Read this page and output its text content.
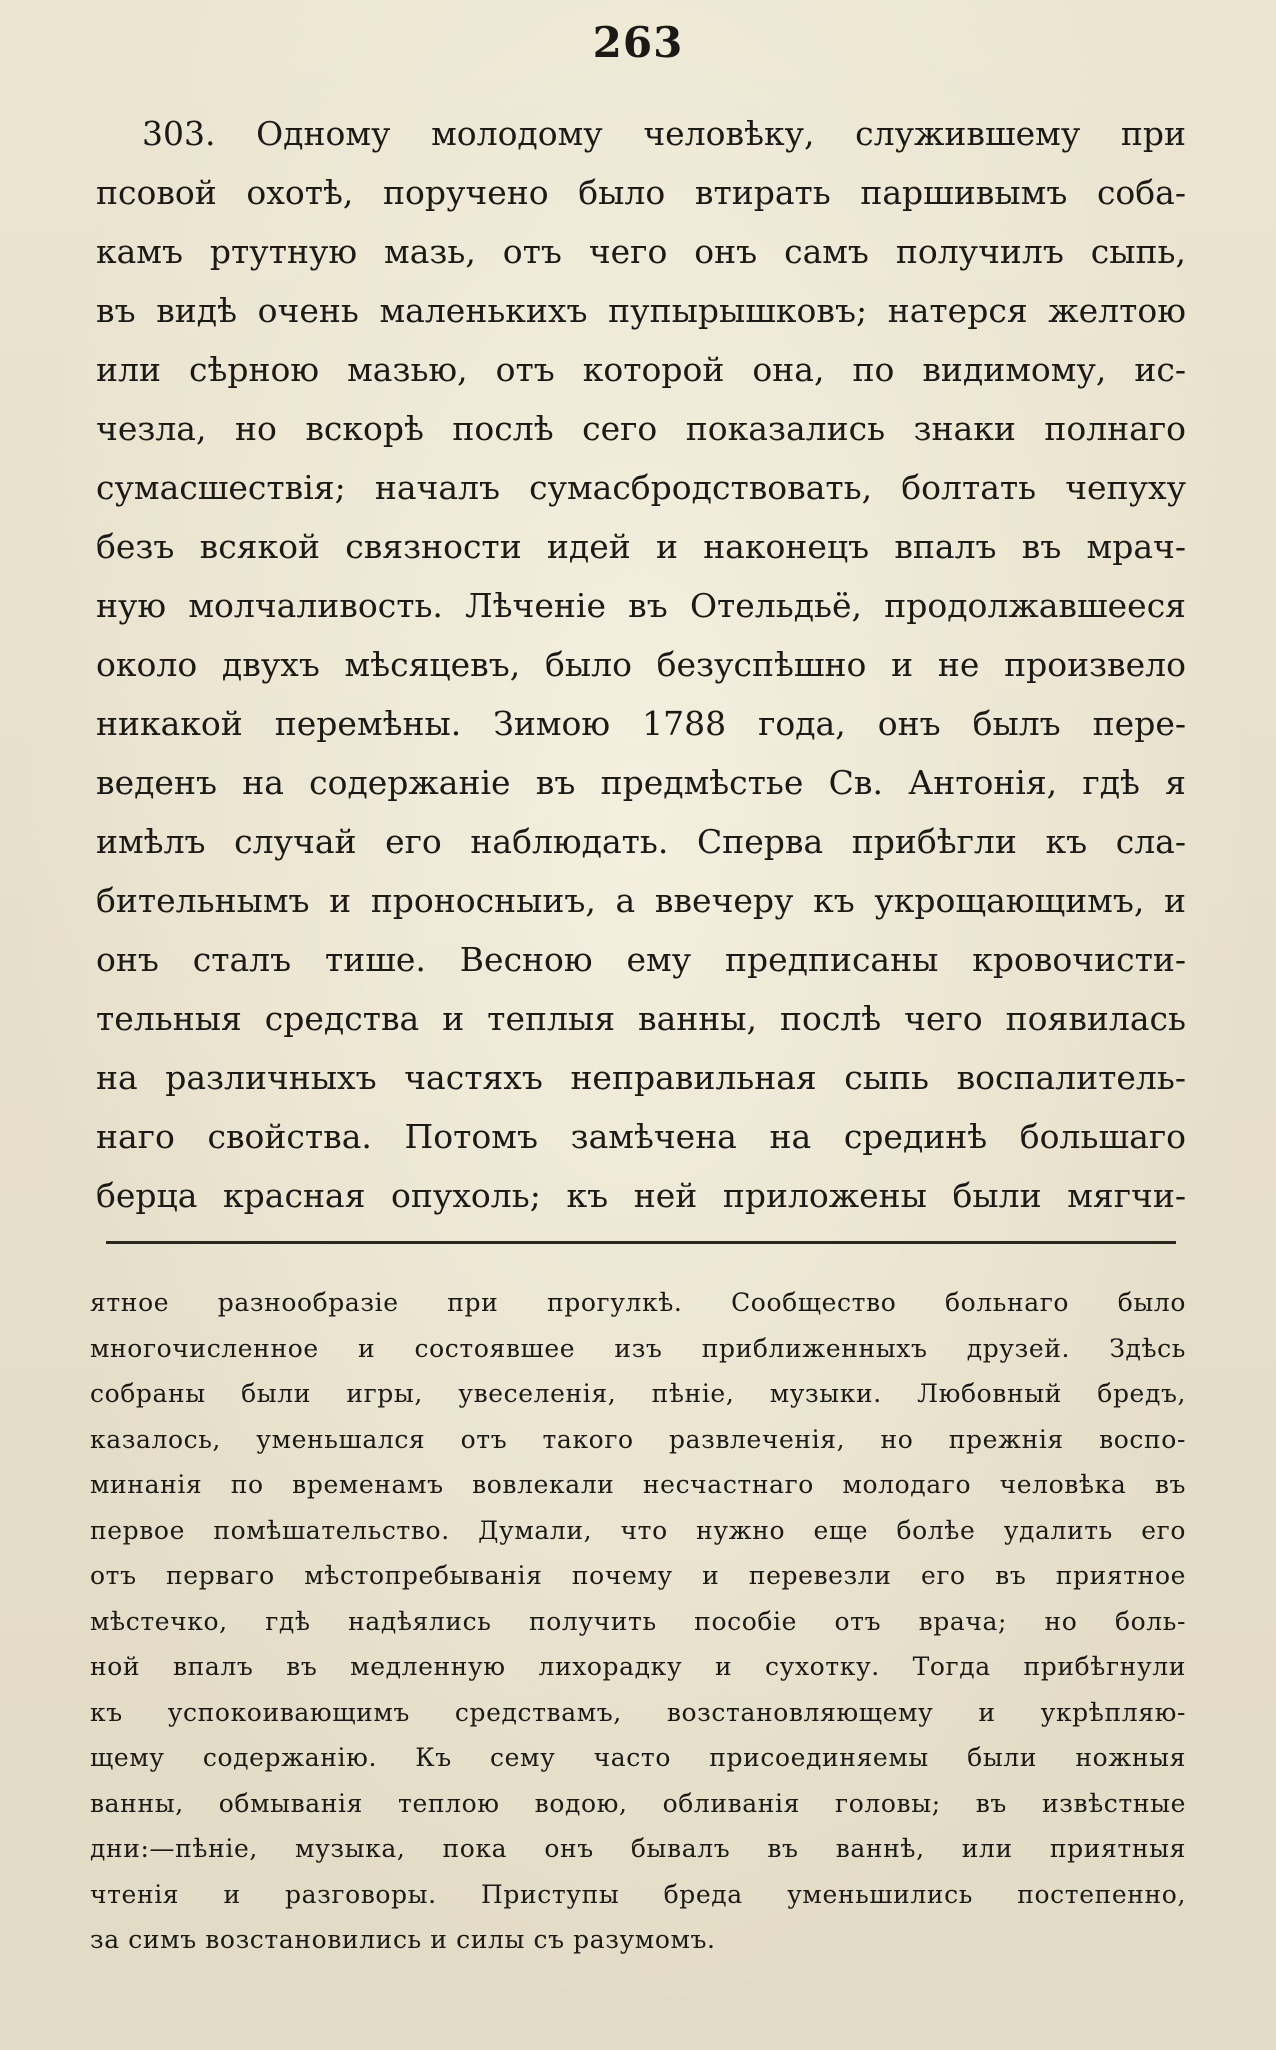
263
303. Одному молодому человѣку, служившему при
псовой охотѣ, поручено было втирать паршивымъ соба-
камъ ртутную мазь, отъ чего онъ самъ получилъ сыпь,
въ видѣ очень маленькихъ пупырышковъ; натерся желтою
или сѣрною мазью, отъ которой она, по видимому, ис-
чезла, но вскорѣ послѣ сего показались знаки полнаго
сумасшествія; началъ сумасбродствовать, болтать чепуху
безъ всякой связности идей и наконецъ впалъ въ мрач-
ную молчаливость. Лѣченіе въ Отельдьё, продолжавшееся
около двухъ мѣсяцевъ, было безуспѣшно и не произвело
никакой перемѣны. Зимою 1788 года, онъ былъ пере-
веденъ на содержаніе въ предмѣстье Св. Антонія, гдѣ я
имѣлъ случай его наблюдать. Сперва прибѣгли къ сла-
бительнымъ и проносныиъ, а ввечеру къ укрощающимъ, и
онъ сталъ тише. Весною ему предписаны кровочисти-
тельныя средства и теплыя ванны, послѣ чего появилась
на различныхъ частяхъ неправильная сыпь воспалитель-
наго свойства. Потомъ замѣчена на срединѣ большаго
берца красная опухоль; къ ней приложены были мягчи-
ятное разнообразіе при прогулкѣ. Сообщество больнаго было
многочисленное и состоявшее изъ приближенныхъ друзей. Здѣсь
собраны были игры, увеселенія, пѣніе, музыки. Любовный бредъ,
казалось, уменьшался отъ такого развлеченія, но прежнія воспо-
минанія по временамъ вовлекали несчастнаго молодаго человѣка въ
первое помѣшательство. Думали, что нужно еще болѣе удалить его
отъ перваго мѣстопребыванія почему и перевезли его въ приятное
мѣстечко, гдѣ надѣялись получить пособіе отъ врача; но боль-
ной впалъ въ медленную лихорадку и сухотку. Тогда прибѣгнули
къ успокоивающимъ средствамъ, возстановляющему и укрѣпляю-
щему содержанію. Къ сему часто присоединяемы были ножныя
ванны, обмыванія теплою водою, обливанія головы; въ извѣстные
дни:—пѣніе, музыка, пока онъ бывалъ въ ваннѣ, или приятныя
чтенія и разговоры. Приступы бреда уменьшились постепенно,
за симъ возстановились и силы съ разумомъ.
